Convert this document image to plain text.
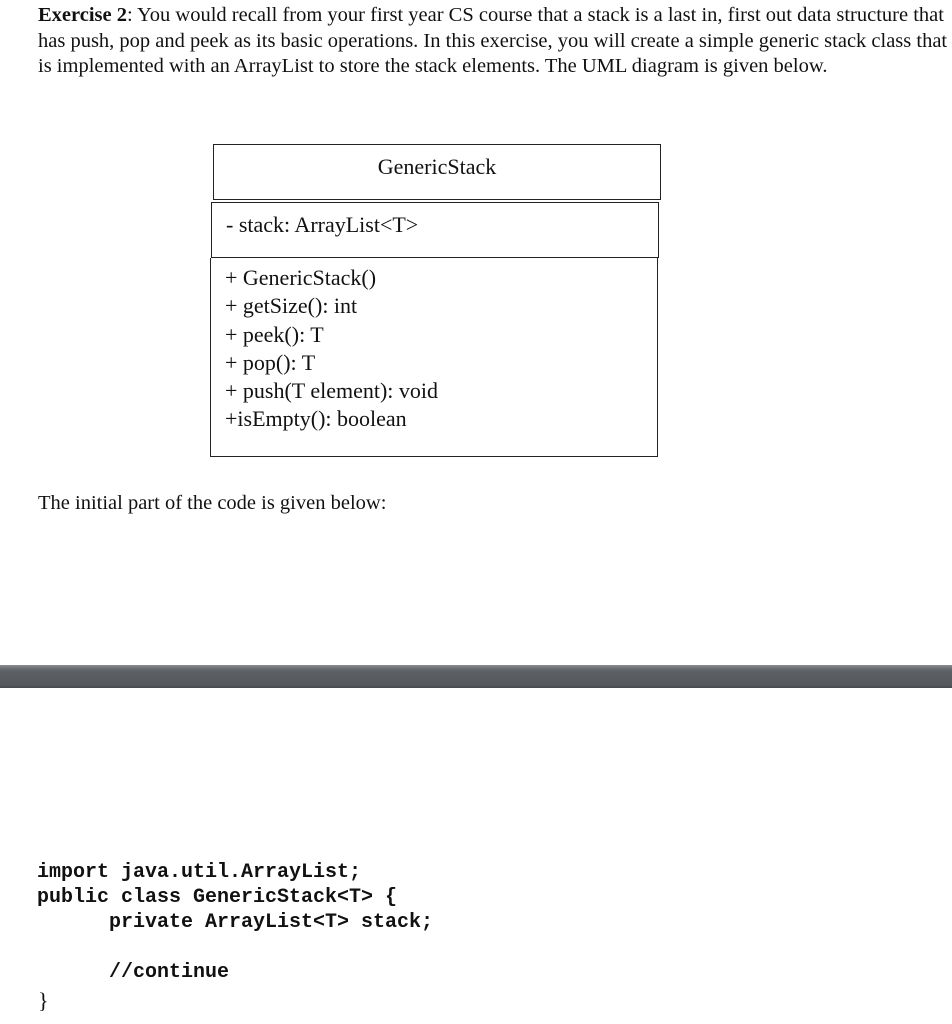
Exercise 2: You would recall from your first year CS course that a stack is a last in, first out data structure that has push, pop and peek as its basic operations. In this exercise, you will create a simple generic stack class that is implemented with an ArrayList to store the stack elements. The UML diagram is given below.

GenericStack
- stack: ArrayList<T>
+ GenericStack()
+ getSize(): int
+ peek(): T
+ pop(): T
+ push(T element): void
+isEmpty(): boolean
The initial part of the code is given below:
import java.util.ArrayList;
public class GenericStack<T> {

private ArrayList<T> stack;
//continue
}
